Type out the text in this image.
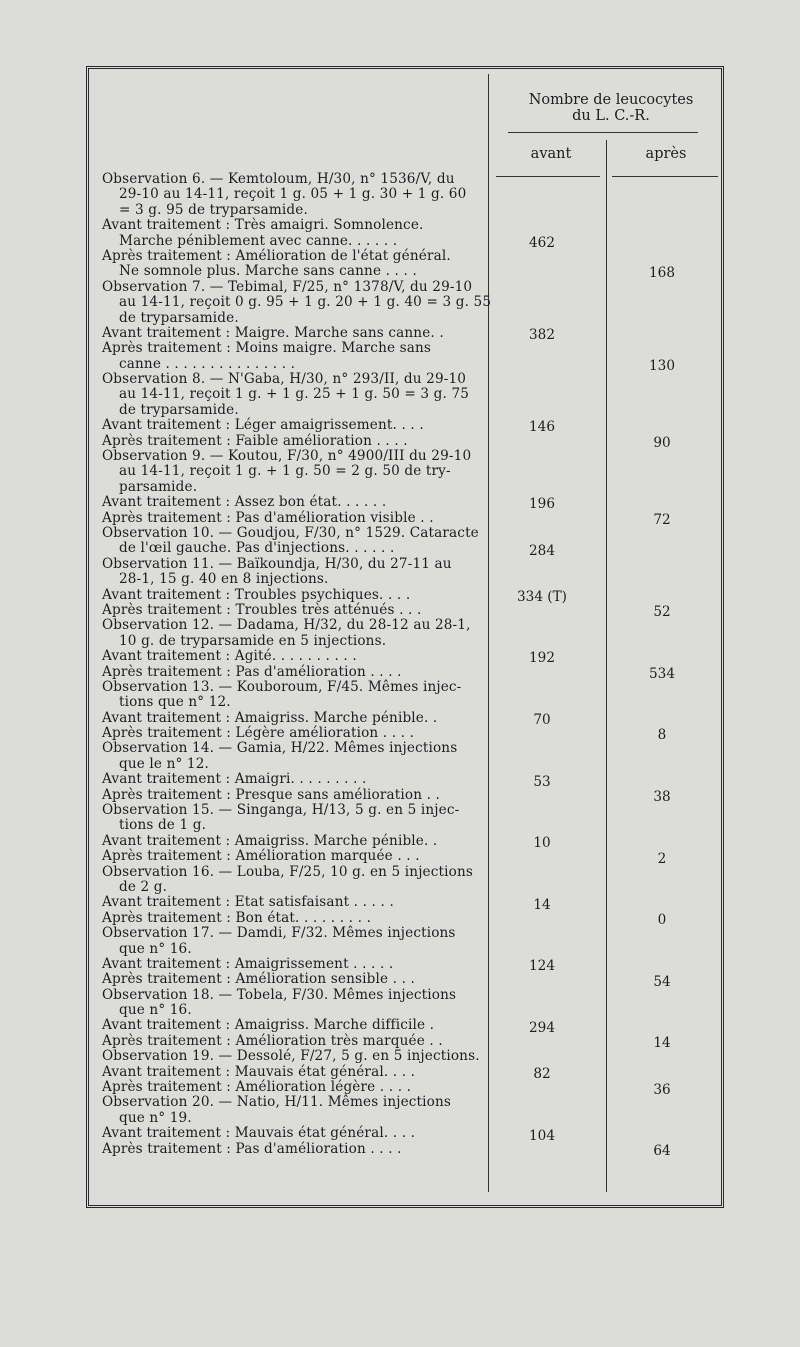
Nombre de leucocytes
du L. C.-R.
avant	après
Observation 6. — Kemtoloum, H/30, n° 1536/V, du
29-10 au 14-11, reçoit 1 g. 05 + 1 g. 30 + 1 g. 60
= 3 g. 95 de tryparsamide.
Avant traitement : Très amaigri. Somnolence.
Marche péniblement avec canne. . . . . .
Après traitement : Amélioration de l'état général.
Ne somnole plus. Marche sans canne . . . .
Observation 7. — Tebimal, F/25, n° 1378/V, du 29-10
au 14-11, reçoit 0 g. 95 + 1 g. 20 + 1 g. 40 = 3 g. 55
de tryparsamide.
Avant traitement : Maigre. Marche sans canne. .
Après traitement : Moins maigre. Marche sans
canne . . . . . . . . . . . . . . .
Observation 8. — N'Gaba, H/30, n° 293/II, du 29-10
au 14-11, reçoit 1 g. + 1 g. 25 + 1 g. 50 = 3 g. 75
de tryparsamide.
Avant traitement : Léger amaigrissement. . . .
Après traitement : Faible amélioration . . . .
Observation 9. — Koutou, F/30, n° 4900/III du 29-10
au 14-11, reçoit 1 g. + 1 g. 50 = 2 g. 50 de try-
parsamide.
Avant traitement : Assez bon état. . . . . .
Après traitement : Pas d'amélioration visible . .
Observation 10. — Goudjou, F/30, n° 1529. Cataracte
de l'œil gauche. Pas d'injections. . . . . .
Observation 11. — Baïkoundja, H/30, du 27-11 au
28-1, 15 g. 40 en 8 injections.
Avant traitement : Troubles psychiques. . . .
Après traitement : Troubles très atténués . . .
Observation 12. — Dadama, H/32, du 28-12 au 28-1,
10 g. de tryparsamide en 5 injections.
Avant traitement : Agité. . . . . . . . . .
Après traitement : Pas d'amélioration . . . .
Observation 13. — Kouboroum, F/45. Mêmes injec-
tions que n° 12.
Avant traitement : Amaigriss. Marche pénible. .
Après traitement : Légère amélioration . . . .
Observation 14. — Gamia, H/22. Mêmes injections
que le n° 12.
Avant traitement : Amaigri. . . . . . . . .
Après traitement : Presque sans amélioration . .
Observation 15. — Singanga, H/13, 5 g. en 5 injec-
tions de 1 g.
Avant traitement : Amaigriss. Marche pénible. .
Après traitement : Amélioration marquée . . .
Observation 16. — Louba, F/25, 10 g. en 5 injections
de 2 g.
Avant traitement : Etat satisfaisant . . . . .
Après traitement : Bon état. . . . . . . . .
Observation 17. — Damdi, F/32. Mêmes injections
que n° 16.
Avant traitement : Amaigrissement . . . . .
Après traitement : Amélioration sensible . . .
Observation 18. — Tobela, F/30. Mêmes injections
que n° 16.
Avant traitement : Amaigriss. Marche difficile .
Après traitement : Amélioration très marquée . .
Observation 19. — Dessolé, F/27, 5 g. en 5 injections.
Avant traitement : Mauvais état général. . . .
Après traitement : Amélioration légère . . . .
Observation 20. — Natio, H/11. Mêmes injections
que n° 19.
Avant traitement : Mauvais état général. . . .
Après traitement : Pas d'amélioration . . . .
462
382
146
196
284
334 (T)
192
70
53
10
14
124
294
82
104
168
130
90
72
52
534
8
38
2
0
54
14
36
64
